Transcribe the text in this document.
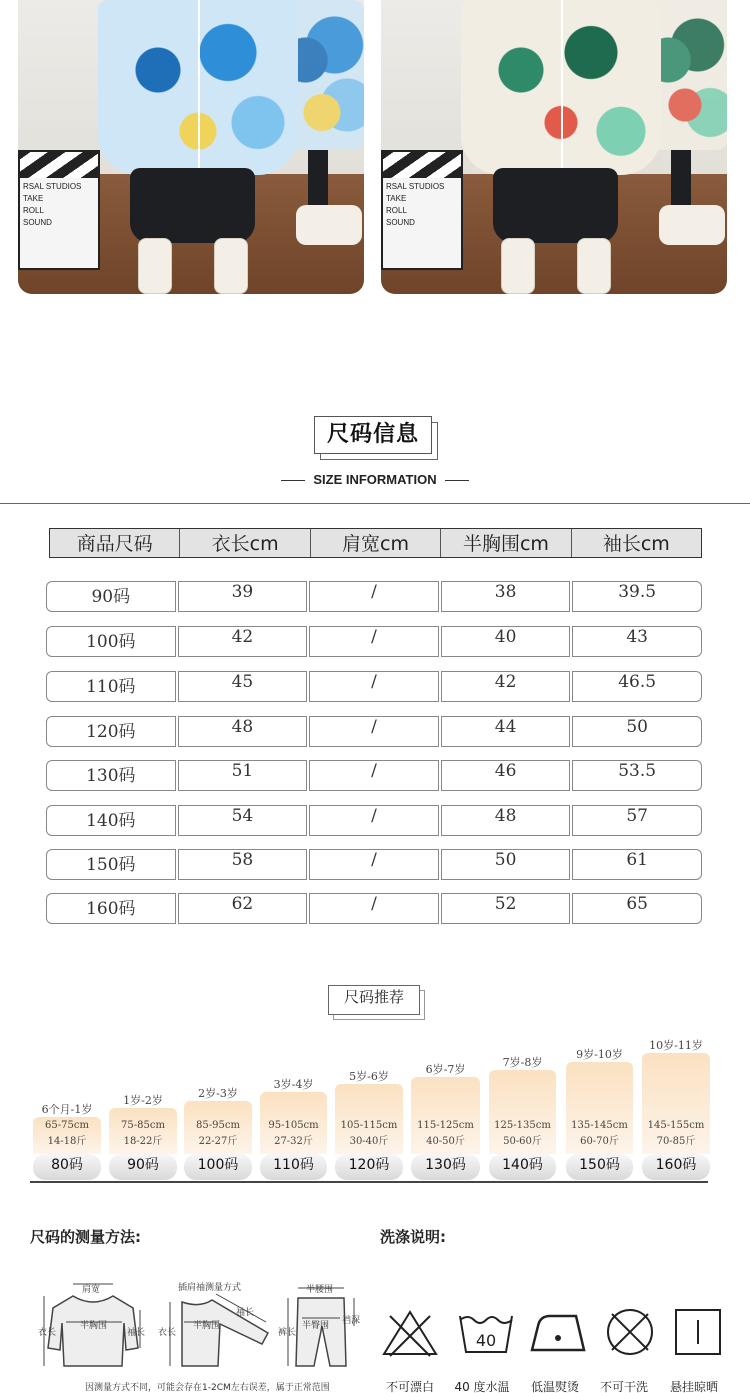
RSAL STUDIOS
TAKE
ROLL
SOUND
RSAL STUDIOS
TAKE
ROLL
SOUND
尺码信息
SIZE INFORMATION
商品尺码	衣长cm	肩宽cm	半胸围cm	袖长cm
90码	39	/	38	39.5
100码	42	/	40	43
110码	45	/	42	46.5
120码	48	/	44	50
130码	51	/	46	53.5
140码	54	/	48	57
150码	58	/	50	61
160码	62	/	52	65
尺码推荐
6个月-1岁
65-75cm
14-18斤
80码
1岁-2岁
75-85cm
18-22斤
90码
2岁-3岁
85-95cm
22-27斤
100码
3岁-4岁
95-105cm
27-32斤
110码
5岁-6岁
105-115cm
30-40斤
120码
6岁-7岁
115-125cm
40-50斤
130码
7岁-8岁
125-135cm
50-60斤
140码
9岁-10岁
135-145cm
60-70斤
150码
10岁-11岁
145-155cm
70-85斤
160码
尺码的测量方法:
肩宽
衣长
半胸围
袖长
插肩袖测量方式
衣长
半胸围
袖长
半腰围
裤长
半臀围 裆深
因测量方式不同，可能会存在1-2CM左右误差，属于正常范围
洗涤说明:
40
不可漂白	40 度水温	低温熨烫	不可干洗	悬挂晾晒
